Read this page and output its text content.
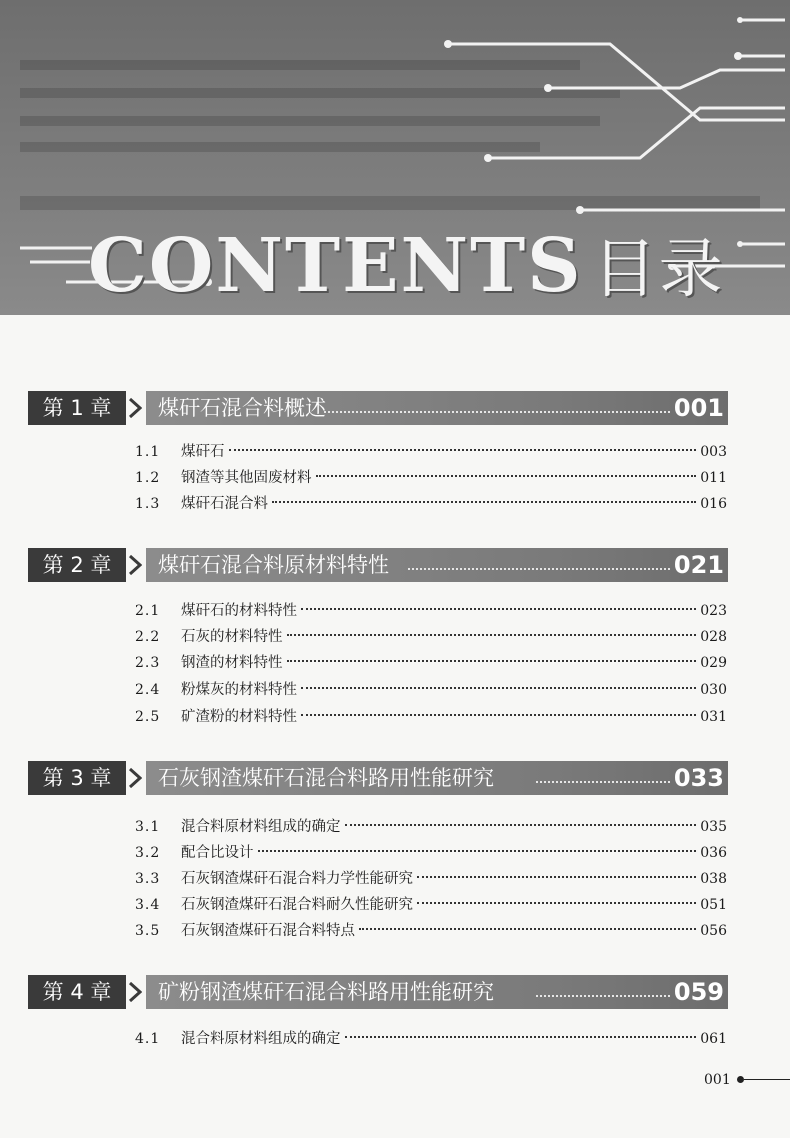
CONTENTS 目录
第 1 章	煤矸石混合料概述	001
1.1	煤矸石	003
1.2	钢渣等其他固废材料	011
1.3	煤矸石混合料	016
第 2 章	煤矸石混合料原材料特性	021
2.1	煤矸石的材料特性	023
2.2	石灰的材料特性	028
2.3	钢渣的材料特性	029
2.4	粉煤灰的材料特性	030
2.5	矿渣粉的材料特性	031
第 3 章	石灰钢渣煤矸石混合料路用性能研究	033
3.1	混合料原材料组成的确定	035
3.2	配合比设计	036
3.3	石灰钢渣煤矸石混合料力学性能研究	038
3.4	石灰钢渣煤矸石混合料耐久性能研究	051
3.5	石灰钢渣煤矸石混合料特点	056
第 4 章	矿粉钢渣煤矸石混合料路用性能研究	059
4.1	混合料原材料组成的确定	061
001
